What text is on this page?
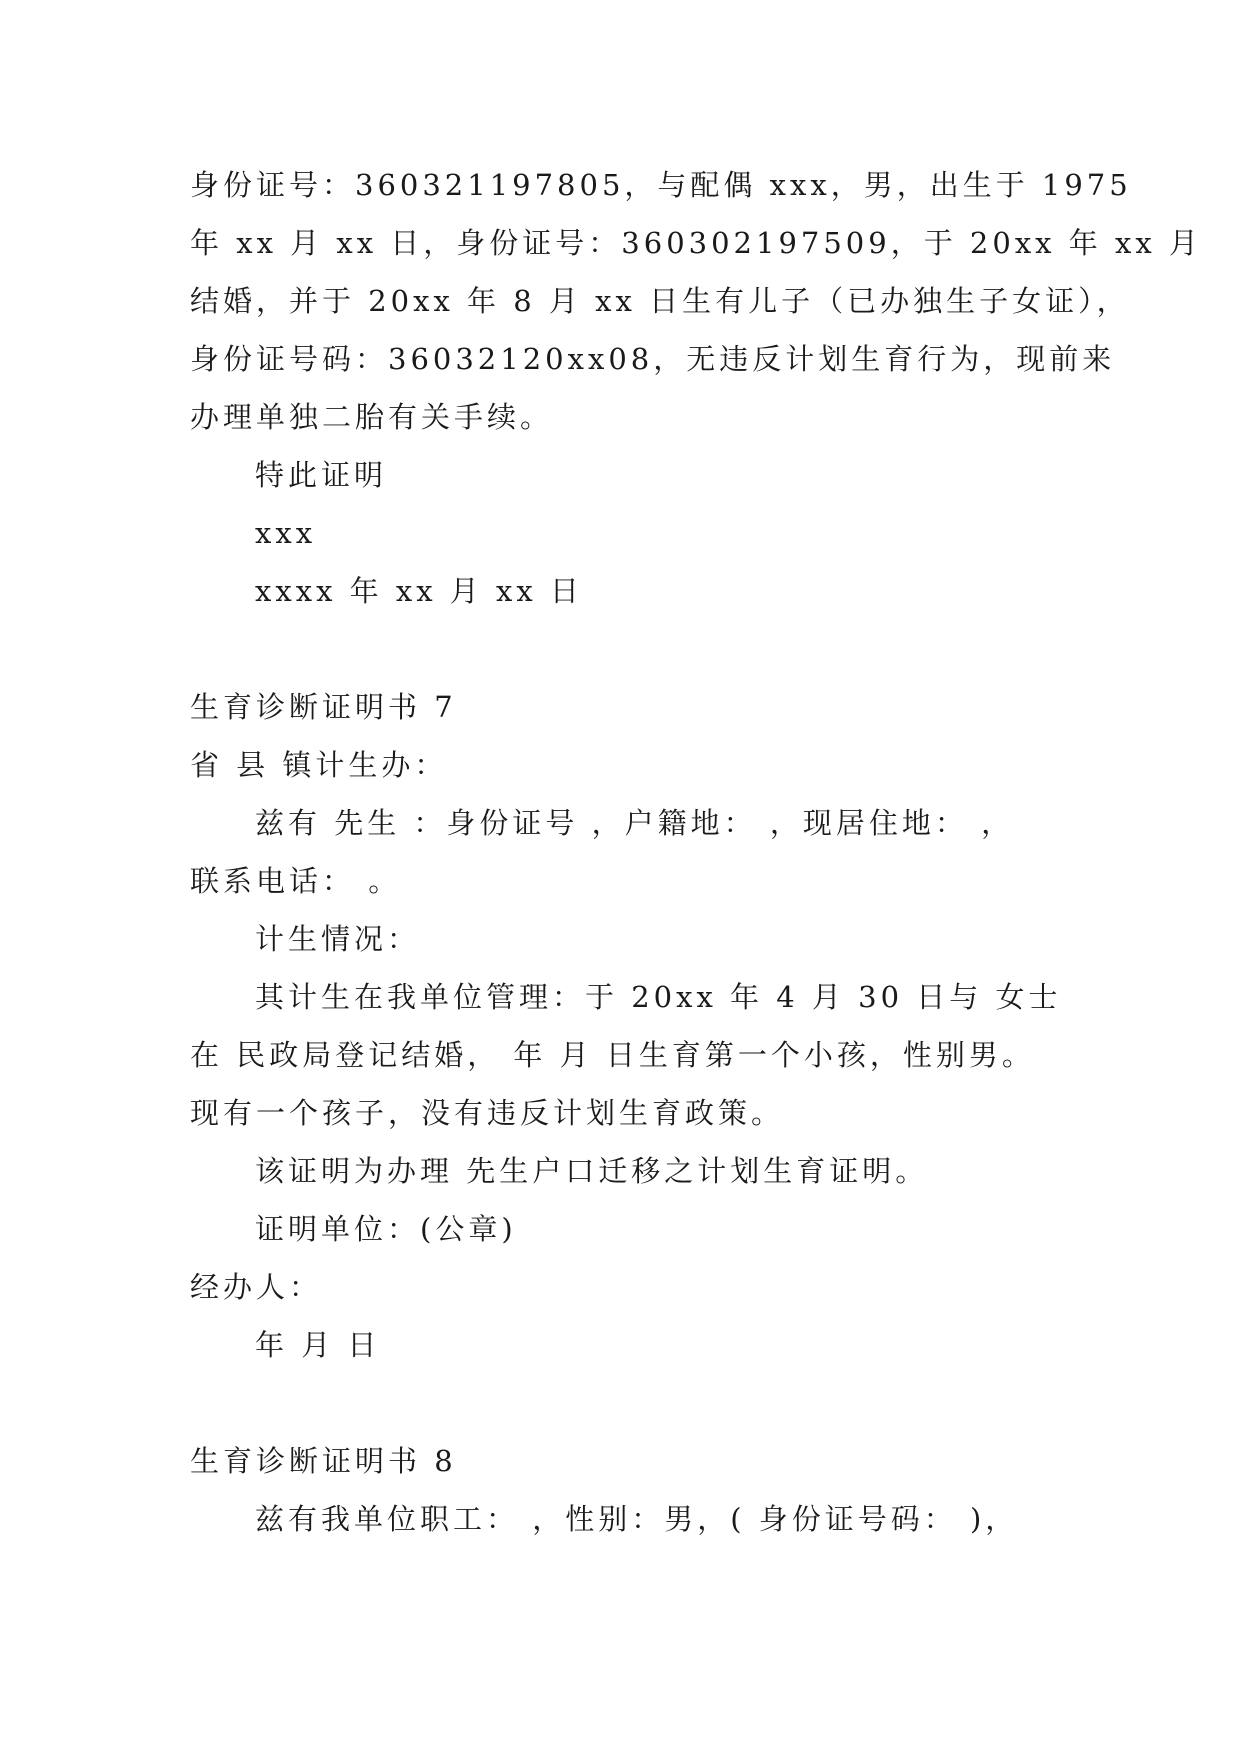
身份证号：360321197805，与配偶 xxx，男，出生于 1975
年 xx 月 xx 日，身份证号：360302197509，于 20xx 年 xx 月
结婚，并于 20xx 年 8 月 xx 日生有儿子（已办独生子女证），
身份证号码：36032120xx08，无违反计划生育行为，现前来
办理单独二胎有关手续。
特此证明
xxx
xxxx 年 xx 月 xx 日
生育诊断证明书 7
省 县 镇计生办：
兹有 先生 ：身份证号 ，户籍地： ，现居住地： ，
联系电话： 。
计生情况：
其计生在我单位管理：于 20xx 年 4 月 30 日与 女士
在 民政局登记结婚， 年 月 日生育第一个小孩，性别男。
现有一个孩子，没有违反计划生育政策。
该证明为办理 先生户口迁移之计划生育证明。
证明单位：(公章)
经办人：
年 月 日
生育诊断证明书 8
兹有我单位职工： ，性别：男，( 身份证号码： )，
